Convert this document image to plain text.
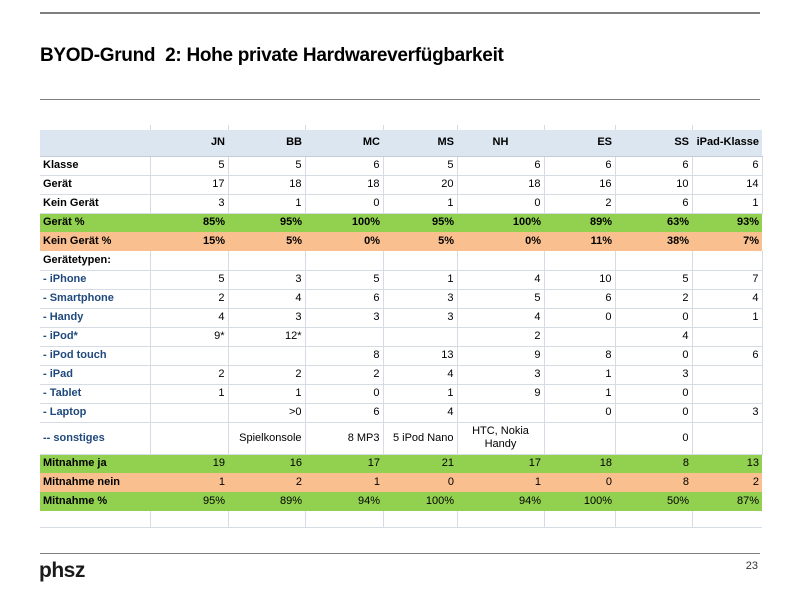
BYOD-Grund  2: Hohe private Hardwareverfügbarkeit

	JN	BB	MC	MS	NH	ES	SS	iPad-Klasse
Klasse	5	5	6	5	6	6	6	6
Gerät	17	18	18	20	18	16	10	14
Kein Gerät	3	1	0	1	0	2	6	1
Gerät %	85%	95%	100%	95%	100%	89%	63%	93%
Kein Gerät %	15%	5%	0%	5%	0%	11%	38%	7%
Gerätetypen:								
- iPhone	5	3	5	1	4	10	5	7
- Smartphone	2	4	6	3	5	6	2	4
- Handy	4	3	3	3	4	0	0	1
- iPod*	9*	12*			2		4	
- iPod touch			8	13	9	8	0	6
- iPad	2	2	2	4	3	1	3	
- Tablet	1	1	0	1	9	1	0	
- Laptop		>0	6	4		0	0	3
-- sonstiges		Spielkonsole	8 MP3	5 iPod Nano	HTC, Nokia Handy		0	
Mitnahme ja	19	16	17	21	17	18	8	13
Mitnahme nein	1	2	1	0	1	0	8	2
Mitnahme %	95%	89%	94%	100%	94%	100%	50%	87%

phsz	23
